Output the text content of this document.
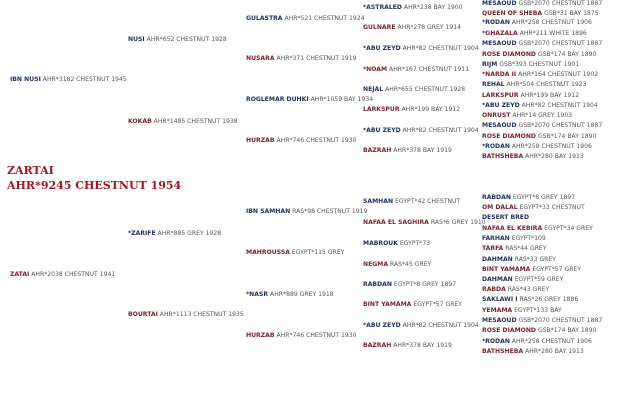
ZARTAI
AHR*9245 CHESTNUT 1954
IBN NUSI AHR*3182 CHESTNUT 1945
ZATAI AHR*2038 CHESTNUT 1941
NUSI AHR*652 CHESTNUT 1928
KOKAB AHR*1485 CHESTNUT 1938
*ZARIFE AHR*885 GREY 1928
BOURTAI AHR*1113 CHESTNUT 1935
GULASTRA AHR*521 CHESTNUT 1924
NUSARA AHR*371 CHESTNUT 1919
ROGLEMAR DUHKI AHR*1059 BAY 1934
HURZAB AHR*746 CHESTNUT 1930
IBN SAMHAN RAS*98 CHESTNUT 1919
MAHROUSSA EGYPT*115 GREY
*NASR AHR*889 GREY 1918
HURZAB AHR*746 CHESTNUT 1930
*ASTRALED AHR*238 BAY 1900
GULNARE AHR*278 GREY 1914
*ABU ZEYD AHR*82 CHESTNUT 1904
*NOAM AHR*167 CHESTNUT 1911
NEJAL AHR*655 CHESTNUT 1928
LARKSPUR AHR*199 BAY 1912
*ABU ZEYD AHR*82 CHESTNUT 1904
BAZRAH AHR*378 BAY 1919
SAMHAN EGYPT*42 CHESTNUT
NAFAA EL SAGHIRA RAS*6 GREY 1910
MABROUK EGYPT*73
NEGMA RAS*45 GREY
RABDAN EGYPT*8 GREY 1897
BINT YAMAMA EGYPT*57 GREY
*ABU ZEYD AHR*82 CHESTNUT 1904
BAZRAH AHR*378 BAY 1919
MESAOUD GSB*2070 CHESTNUT 1887
QUEEN OF SHEBA GSB*31 BAY 1875
*RODAN AHR*258 CHESTNUT 1906
*GHAZALA AHR*211 WHITE 1896
MESAOUD GSB*2070 CHESTNUT 1887
ROSE DIAMOND GSB*174 BAY 1890
RIJM GSB*393 CHESTNUT 1901
*NARDA II AHR*164 CHESTNUT 1902
REHAL AHR*504 CHESTNUT 1923
LARKSPUR AHR*199 BAY 1912
*ABU ZEYD AHR*82 CHESTNUT 1904
ONRUST AHR*14 GREY 1903
MESAOUD GSB*2070 CHESTNUT 1887
ROSE DIAMOND GSB*174 BAY 1890
*RODAN AHR*258 CHESTNUT 1906
BATHSHEBA AHR*280 BAY 1913
RABDAN EGYPT*8 GREY 1897
OM DALAL EGYPT*33 CHESTNUT
DESERT BRED
NAFAA EL KEBIRA EGYPT*34 GREY
FARHAN EGYPT*109
TARFA RAS*44 GREY
DAHMAN RAS*33 GREY
BINT YAMAMA EGYPT*57 GREY
DAHMAN EGYPT*59 GREY
RABDA RAS*43 GREY
SAKLAWI I RAS*26 GREY 1886
YEMAMA EGYPT*133 BAY
MESAOUD GSB*2070 CHESTNUT 1887
ROSE DIAMOND GSB*174 BAY 1890
*RODAN AHR*258 CHESTNUT 1906
BATHSHEBA AHR*280 BAY 1913
